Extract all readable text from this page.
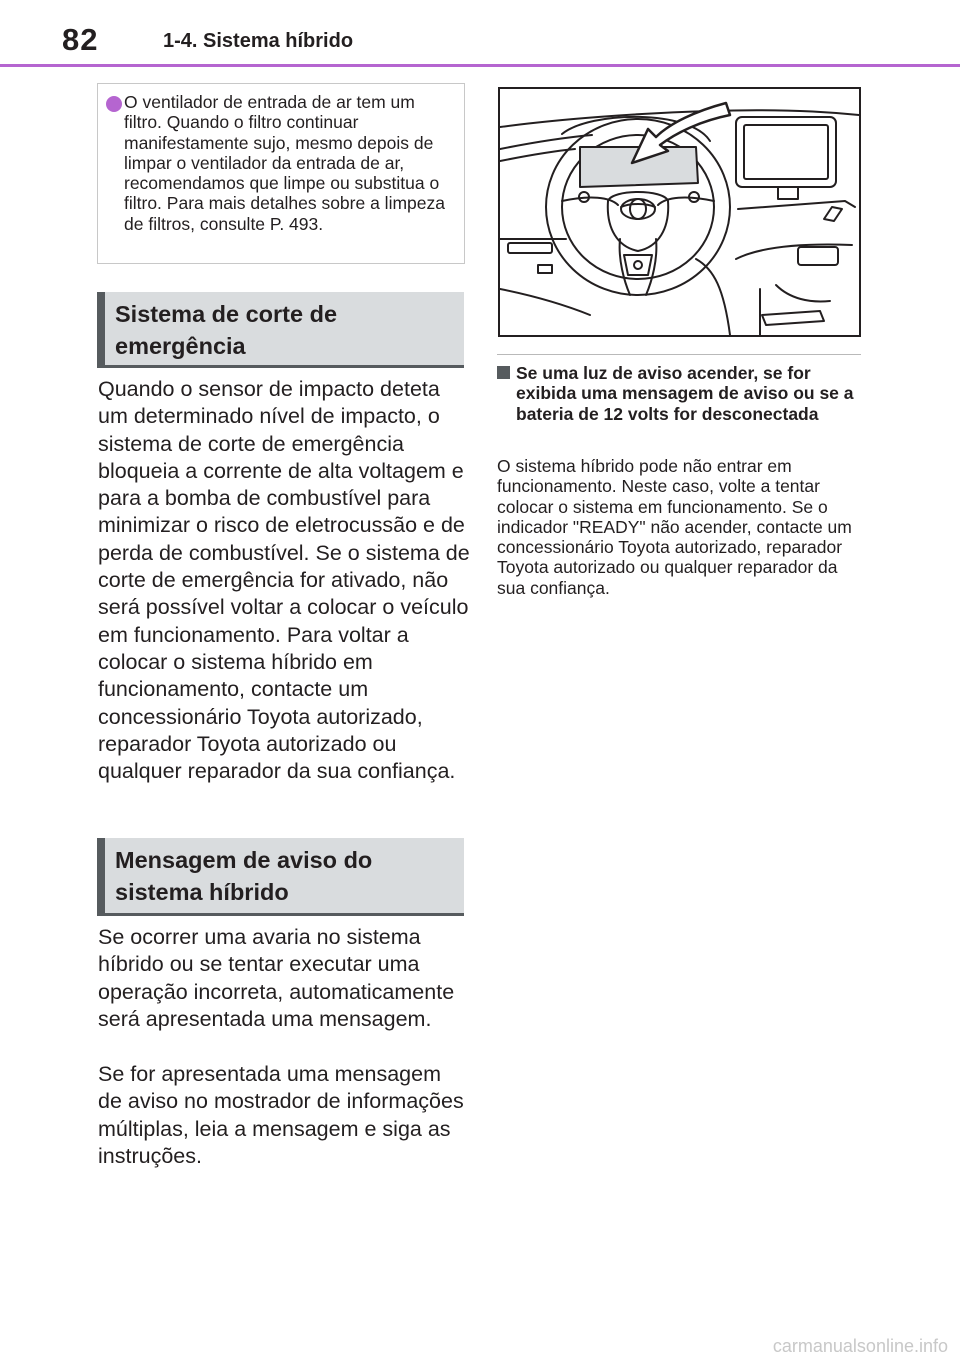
82	1-4. Sistema híbrido
O ventilador de entrada de ar tem um filtro. Quando o filtro continuar manifestamente sujo, mesmo depois de limpar o ventilador da entrada de ar, recomendamos que limpe ou substitua o filtro. Para mais detalhes sobre a limpeza de filtros, consulte P. 493.
Sistema de corte de emergência

Quando o sensor de impacto deteta um determinado nível de impacto, o sistema de corte de emergência bloqueia a corrente de alta voltagem e para a bomba de combustível para minimizar o risco de eletrocussão e de perda de combustível. Se o sistema de corte de emergência for ativado, não será possível voltar a colocar o veículo em funcionamento. Para voltar a colocar o sistema híbrido em funcionamento, contacte um concessionário Toyota autorizado, reparador Toyota autorizado ou qualquer reparador da sua confiança.

Mensagem de aviso do sistema híbrido

Se ocorrer uma avaria no sistema híbrido ou se tentar executar uma operação incorreta, automaticamente será apresentada uma mensagem.

Se for apresentada uma mensagem de aviso no mostrador de informações múltiplas, leia a mensagem e siga as instruções.

Se uma luz de aviso acender, se for exibida uma mensagem de aviso ou se a bateria de 12 volts for desconectada

O sistema híbrido pode não entrar em funcionamento. Neste caso, volte a tentar colocar o sistema em funcionamento. Se o indicador "READY" não acender, contacte um concessionário Toyota autorizado, reparador Toyota autorizado ou qualquer reparador da sua confiança.

carmanualsonline.info
